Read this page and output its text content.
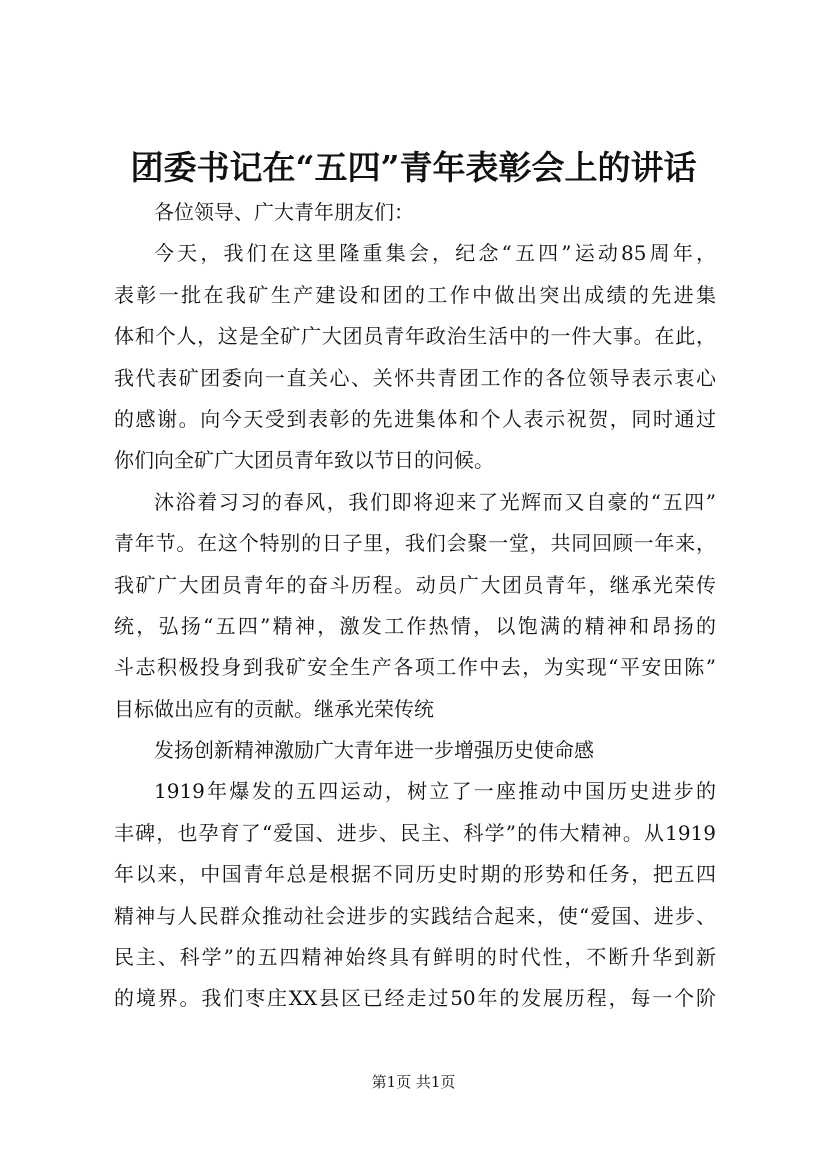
团委书记在“五四”青年表彰会上的讲话
各位领导、广大青年朋友们：
今天，我们在这里隆重集会，纪念“五四”运动85周年，
表彰一批在我矿生产建设和团的工作中做出突出成绩的先进集
体和个人，这是全矿广大团员青年政治生活中的一件大事。在此，
我代表矿团委向一直关心、关怀共青团工作的各位领导表示衷心
的感谢。向今天受到表彰的先进集体和个人表示祝贺，同时通过
你们向全矿广大团员青年致以节日的问候。
沐浴着习习的春风，我们即将迎来了光辉而又自豪的“五四”
青年节。在这个特别的日子里，我们会聚一堂，共同回顾一年来，
我矿广大团员青年的奋斗历程。动员广大团员青年，继承光荣传
统，弘扬“五四”精神，激发工作热情，以饱满的精神和昂扬的
斗志积极投身到我矿安全生产各项工作中去，为实现“平安田陈”
目标做出应有的贡献。继承光荣传统
发扬创新精神激励广大青年进一步增强历史使命感
1919年爆发的五四运动，树立了一座推动中国历史进步的
丰碑，也孕育了“爱国、进步、民主、科学”的伟大精神。从1919
年以来，中国青年总是根据不同历史时期的形势和任务，把五四
精神与人民群众推动社会进步的实践结合起来，使“爱国、进步、
民主、科学”的五四精神始终具有鲜明的时代性，不断升华到新
的境界。我们枣庄XX县区已经走过50年的发展历程，每一个阶
第1页 共1页
